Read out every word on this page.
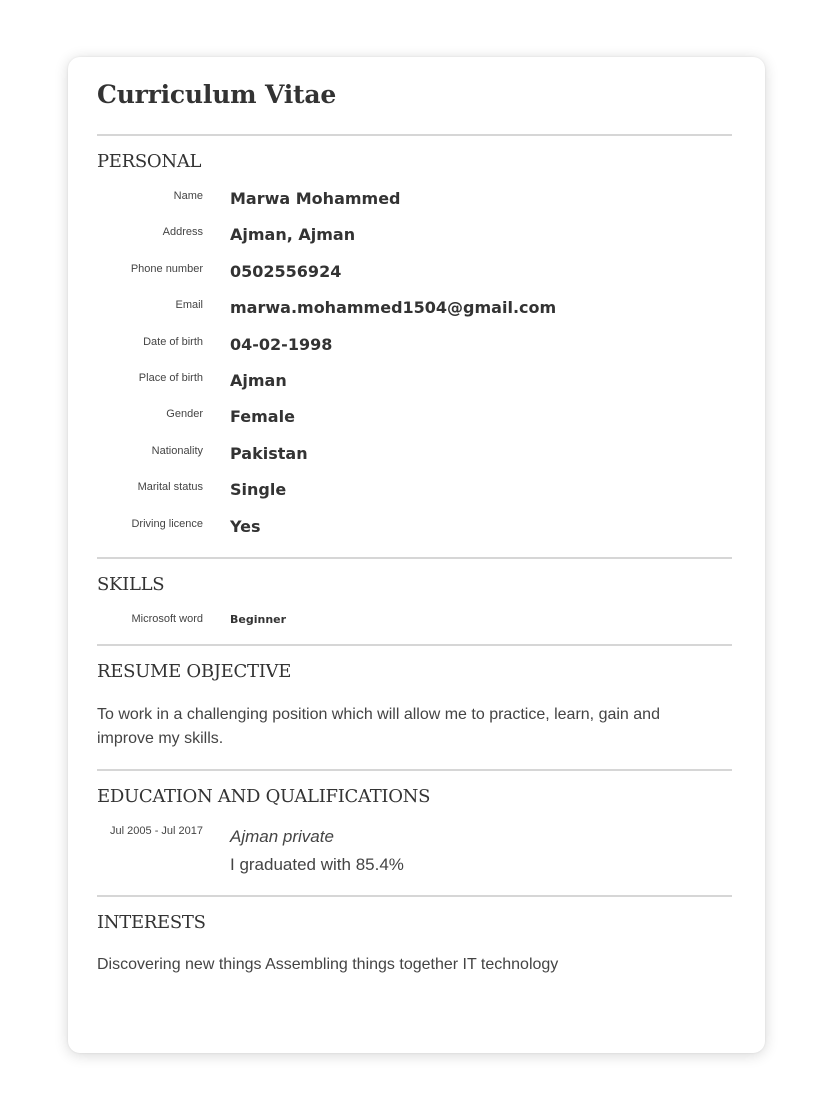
Curriculum Vitae
PERSONAL
Name Marwa Mohammed
Address Ajman, Ajman
Phone number 0502556924
Email marwa.mohammed1504@gmail.com
Date of birth 04-02-1998
Place of birth Ajman
Gender Female
Nationality Pakistan
Marital status Single
Driving licence Yes
SKILLS
Microsoft word Beginner
RESUME OBJECTIVE

To work in a challenging position which will allow me to practice, learn, gain and improve my skills.

EDUCATION AND QUALIFICATIONS
Jul 2005 - Jul 2017 Ajman private
I graduated with 85.4%
INTERESTS

Discovering new things Assembling things together IT technology
